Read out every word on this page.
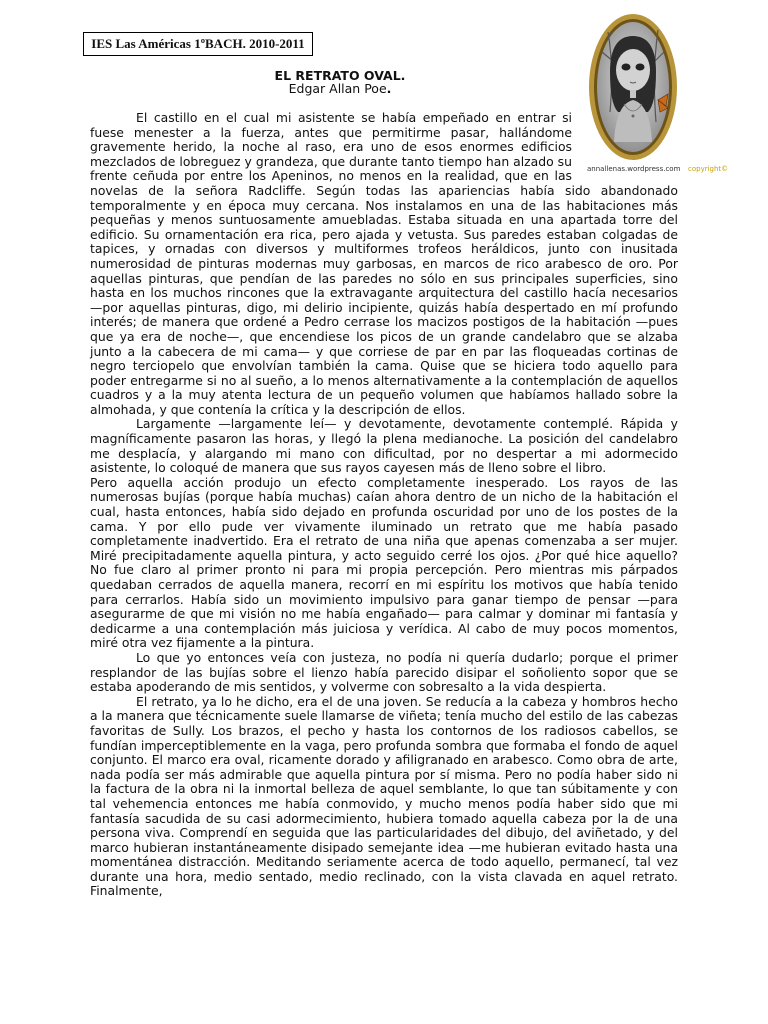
IES Las Américas 1ºBACH. 2010-2011
EL RETRATO OVAL.
Edgar Allan Poe.
annallenas.wordpress.com copyright©

El castillo en el cual mi asistente se había empeñado en entrar si fuese menester a la fuerza, antes que permitirme pasar, hallándome gravemente herido, la noche al raso, era uno de esos enormes edificios mezclados de lobreguez y grandeza, que durante tanto tiempo han alzado su frente ceñuda por entre los Apeninos, no menos en la realidad, que en las novelas de la señora Radcliffe. Según todas las apariencias había sido abandonado temporalmente y en época muy cercana. Nos instalamos en una de las habitaciones más pequeñas y menos suntuosamente amuebladas. Estaba situada en una apartada torre del edificio. Su ornamentación era rica, pero ajada y vetusta. Sus paredes estaban colgadas de tapices, y ornadas con diversos y multiformes trofeos heráldicos, junto con inusitada numerosidad de pinturas modernas muy garbosas, en marcos de rico arabesco de oro. Por aquellas pinturas, que pendían de las paredes no sólo en sus principales superficies, sino hasta en los muchos rincones que la extravagante arquitectura del castillo hacía necesarios —por aquellas pinturas, digo, mi delirio incipiente, quizás había despertado en mí profundo interés; de manera que ordené a Pedro cerrase los macizos postigos de la habitación —pues que ya era de noche—, que encendiese los picos de un grande candelabro que se alzaba junto a la cabecera de mi cama— y que corriese de par en par las floqueadas cortinas de negro terciopelo que envolvían también la cama. Quise que se hiciera todo aquello para poder entregarme si no al sueño, a lo menos alternativamente a la contemplación de aquellos cuadros y a la muy atenta lectura de un pequeño volumen que habíamos hallado sobre la almohada, y que contenía la crítica y la descripción de ellos.

Largamente —largamente leí— y devotamente, devotamente contemplé. Rápida y magníficamente pasaron las horas, y llegó la plena medianoche. La posición del candelabro me desplacía, y alargando mi mano con dificultad, por no despertar a mi adormecido asistente, lo coloqué de manera que sus rayos cayesen más de lleno sobre el libro.

Pero aquella acción produjo un efecto completamente inesperado. Los rayos de las numerosas bujías (porque había muchas) caían ahora dentro de un nicho de la habitación el cual, hasta entonces, había sido dejado en profunda oscuridad por uno de los postes de la cama. Y por ello pude ver vivamente iluminado un retrato que me había pasado completamente inadvertido. Era el retrato de una niña que apenas comenzaba a ser mujer. Miré precipitadamente aquella pintura, y acto seguido cerré los ojos. ¿Por qué hice aquello? No fue claro al primer pronto ni para mi propia percepción. Pero mientras mis párpados quedaban cerrados de aquella manera, recorrí en mi espíritu los motivos que había tenido para cerrarlos. Había sido un movimiento impulsivo para ganar tiempo de pensar —para asegurarme de que mi visión no me había engañado— para calmar y dominar mi fantasía y dedicarme a una contemplación más juiciosa y verídica. Al cabo de muy pocos momentos, miré otra vez fijamente a la pintura.

Lo que yo entonces veía con justeza, no podía ni quería dudarlo; porque el primer resplandor de las bujías sobre el lienzo había parecido disipar el soñoliento sopor que se estaba apoderando de mis sentidos, y volverme con sobresalto a la vida despierta.

El retrato, ya lo he dicho, era el de una joven. Se reducía a la cabeza y hombros hecho a la manera que técnicamente suele llamarse de viñeta; tenía mucho del estilo de las cabezas favoritas de Sully. Los brazos, el pecho y hasta los contornos de los radiosos cabellos, se fundían imperceptiblemente en la vaga, pero profunda sombra que formaba el fondo de aquel conjunto. El marco era oval, ricamente dorado y afiligranado en arabesco. Como obra de arte, nada podía ser más admirable que aquella pintura por sí misma. Pero no podía haber sido ni la factura de la obra ni la inmortal belleza de aquel semblante, lo que tan súbitamente y con tal vehemencia entonces me había conmovido, y mucho menos podía haber sido que mi fantasía sacudida de su casi adormecimiento, hubiera tomado aquella cabeza por la de una persona viva. Comprendí en seguida que las particularidades del dibujo, del aviñetado, y del marco hubieran instantáneamente disipado semejante idea —me hubieran evitado hasta una momentánea distracción. Meditando seriamente acerca de todo aquello, permanecí, tal vez durante una hora, medio sentado, medio reclinado, con la vista clavada en aquel retrato. Finalmente,
